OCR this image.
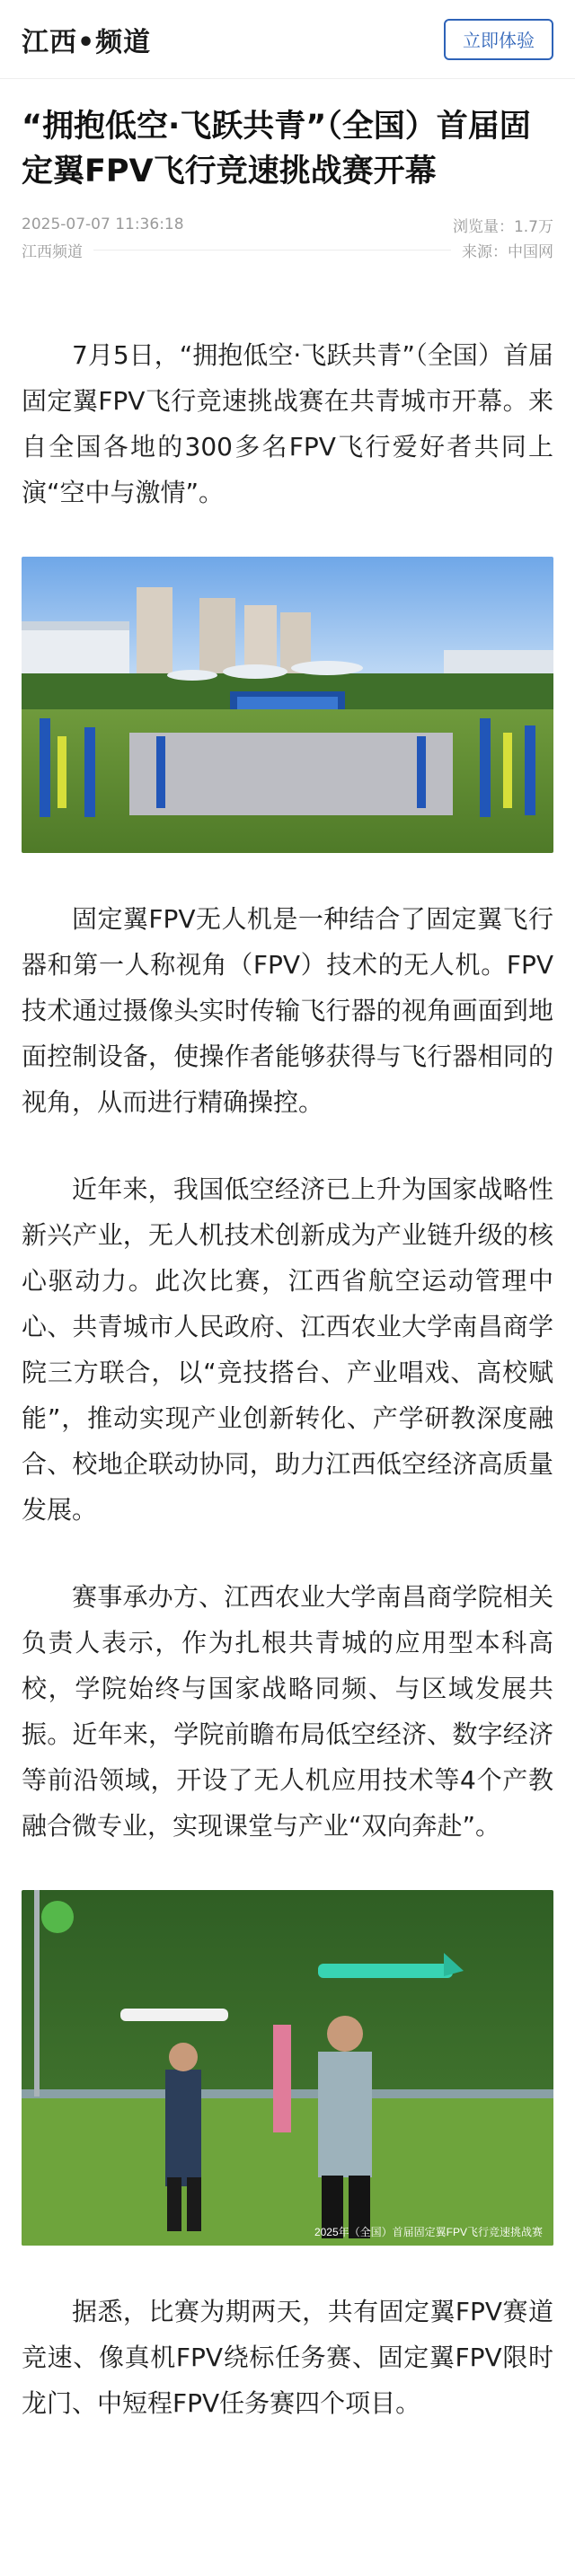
江西•频道	立即体验
“拥抱低空·飞跃共青”（全国）首届固定翼FPV飞行竞速挑战赛开幕
2025-07-07 11:36:18	浏览量：1.7万
江西频道	来源：中国网

7月5日，“拥抱低空·飞跃共青”（全国）首届固定翼FPV飞行竞速挑战赛在共青城市开幕。来自全国各地的300多名FPV飞行爱好者共同上演“空中与激情”。

固定翼FPV无人机是一种结合了固定翼飞行器和第一人称视角（FPV）技术的无人机。FPV技术通过摄像头实时传输飞行器的视角画面到地面控制设备，使操作者能够获得与飞行器相同的视角，从而进行精确操控。

近年来，我国低空经济已上升为国家战略性新兴产业，无人机技术创新成为产业链升级的核心驱动力。此次比赛，江西省航空运动管理中心、共青城市人民政府、江西农业大学南昌商学院三方联合，以“竞技搭台、产业唱戏、高校赋能”，推动实现产业创新转化、产学研教深度融合、校地企联动协同，助力江西低空经济高质量发展。

赛事承办方、江西农业大学南昌商学院相关负责人表示，作为扎根共青城的应用型本科高校，学院始终与国家战略同频、与区域发展共振。近年来，学院前瞻布局低空经济、数字经济等前沿领域，开设了无人机应用技术等4个产教融合微专业，实现课堂与产业“双向奔赴”。

2025年（全国）首届固定翼FPV飞行竞速挑战赛

据悉，比赛为期两天，共有固定翼FPV赛道竞速、像真机FPV绕标任务赛、固定翼FPV限时龙门、中短程FPV任务赛四个项目。
